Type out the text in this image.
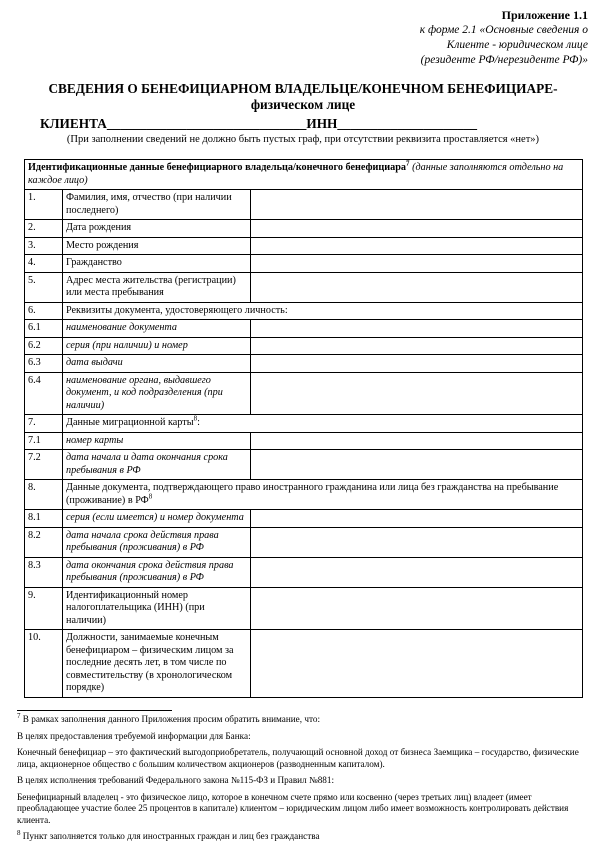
Приложение 1.1
к форме 2.1 «Основные сведения о
Клиенте - юридическом лице
(резиденте РФ/нерезиденте РФ)»
СВЕДЕНИЯ О БЕНЕФИЦИАРНОМ ВЛАДЕЛЬЦЕ/КОНЕЧНОМ БЕНЕФИЦИАРЕ-
физическом лице
КЛИЕНТА______________________________ИНН_____________________
(При заполнении сведений не должно быть пустых граф, при отсутствии реквизита проставляется «нет»)
Идентификационные данные бенефициарного владельца/конечного бенефициара$^7$ (данные заполняются отдельно на каждое лицо)		
1.	Фамилия, имя, отчество (при наличии последнего)	
2.	Дата рождения	
3.	Место рождения	
4.	Гражданство	
5.	Адрес места жительства (регистрации) или места пребывания	
6.	Реквизиты документа, удостоверяющего личность:	
6.1	наименование документа	
6.2	серия (при наличии) и номер	
6.3	дата выдачи	
6.4	наименование органа, выдавшего документ, и код подразделения (при наличии)	
7.	Данные миграционной карты$^8$:	
7.1	номер карты	
7.2	дата начала и дата окончания срока пребывания в РФ	
8.	Данные документа, подтверждающего право иностранного гражданина или лица без гражданства на пребывание (проживание) в $РФ^8$
8.1	серия (если имеется) и номер документа	
8.2	дата начала срока действия права пребывания (проживания) в РФ	
8.3	дата окончания срока действия права пребывания (проживания) в РФ	
9.	Идентификационный номер налогоплательщика (ИНН) (при наличии)	
10.	Должности, занимаемые конечным бенефициаром – физическим лицом за последние десять лет, в том числе по совместительству (в хронологическом порядке)	

$^7$ В рамках заполнения данного Приложения просим обратить внимание, что:

В целях предоставления требуемой информации для Банка:

Конечный бенефициар – это фактический выгодоприобретатель, получающий основной доход от бизнеса Заемщика – государство, физические лица, акционерное общество с большим количеством акционеров (разводненным капиталом).

В целях исполнения требований Федерального закона №115-ФЗ и Правил №881:

Бенефициарный владелец - это физическое лицо, которое в конечном счете прямо или косвенно (через третьих лиц) владеет (имеет преобладающее участие более 25 процентов в капитале) клиентом – юридическим лицом либо имеет возможность контролировать действия клиента.

$^8$ Пункт заполняется только для иностранных граждан и лиц без гражданства
